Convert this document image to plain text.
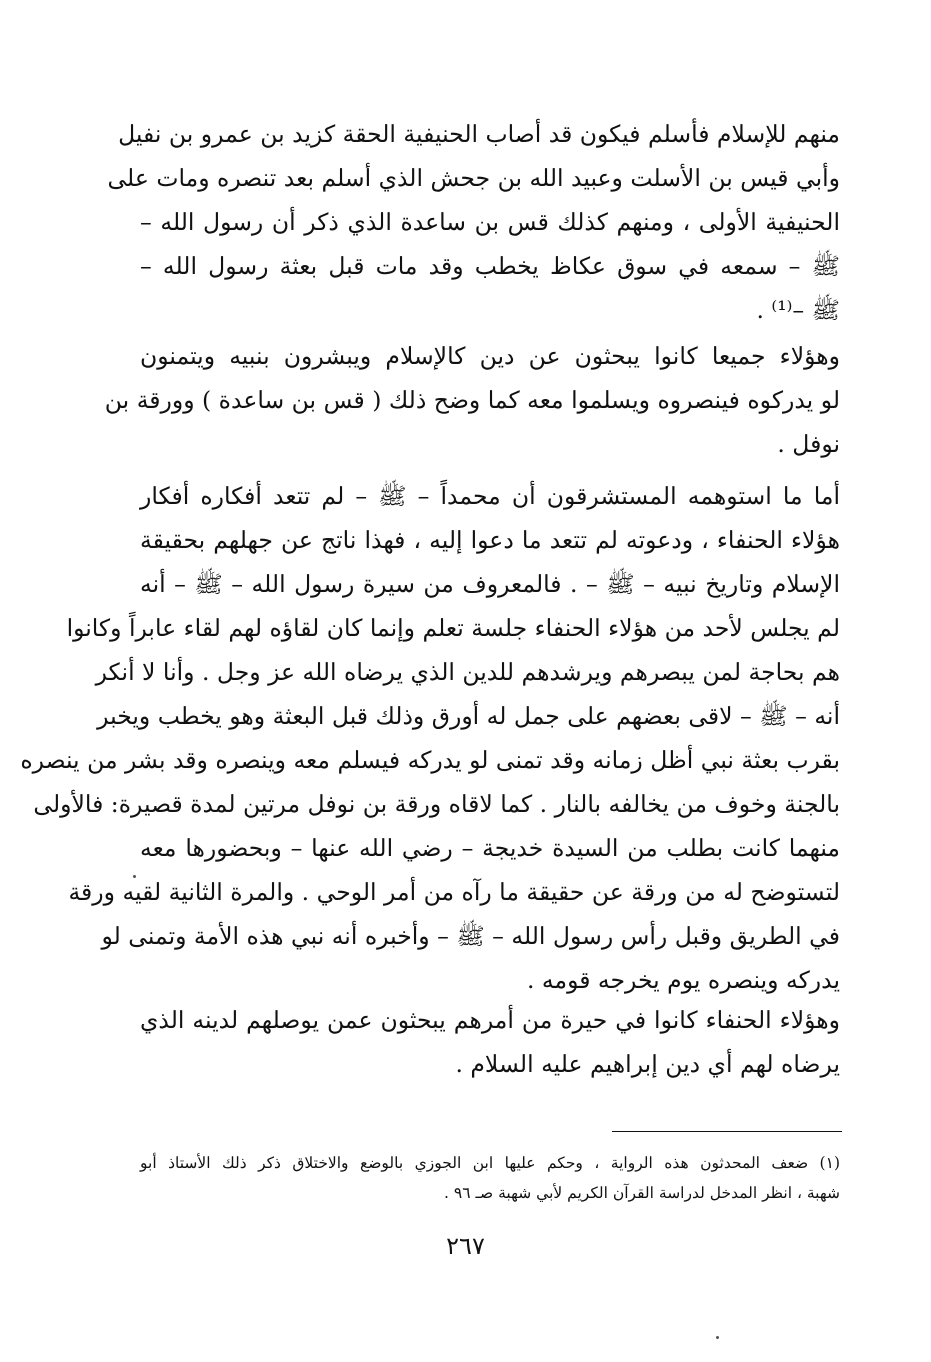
منهم للإسلام فأسلم فيكون قد أصاب الحنيفية الحقة كزيد بن عمرو بن نفيل
وأبي قيس بن الأسلت وعبيد الله بن جحش الذي أسلم بعد تنصره ومات على
الحنيفية الأولى ، ومنهم كذلك قس بن ساعدة الذي ذكر أن رسول الله –
ﷺ – سمعه في سوق عكاظ يخطب وقد مات قبل بعثة رسول الله –
ﷺ –⁽¹⁾ .
وهؤلاء جميعا كانوا يبحثون عن دين كالإسلام ويبشرون بنبيه ويتمنون
لو يدركوه فينصروه ويسلموا معه كما وضح ذلك ( قس بن ساعدة ) وورقة بن
نوفل .
أما ما استوهمه المستشرقون أن محمداً – ﷺ – لم تتعد أفكاره أفكار
هؤلاء الحنفاء ، ودعوته لم تتعد ما دعوا إليه ، فهذا ناتج عن جهلهم بحقيقة
الإسلام وتاريخ نبيه – ﷺ – . فالمعروف من سيرة رسول الله – ﷺ – أنه
لم يجلس لأحد من هؤلاء الحنفاء جلسة تعلم وإنما كان لقاؤه لهم لقاء عابراً وكانوا
هم بحاجة لمن يبصرهم ويرشدهم للدين الذي يرضاه الله عز وجل . وأنا لا أنكر
أنه – ﷺ – لاقى بعضهم على جمل له أورق وذلك قبل البعثة وهو يخطب ويخبر
بقرب بعثة نبي أظل زمانه وقد تمنى لو يدركه فيسلم معه وينصره وقد بشر من ينصره
بالجنة وخوف من يخالفه بالنار . كما لاقاه ورقة بن نوفل مرتين لمدة قصيرة: فالأولى
منهما كانت بطلب من السيدة خديجة – رضي الله عنها – وبحضورها معه
لتستوضح له من ورقة عن حقيقة ما رآه من أمر الوحي . والمرة الثانية لقيه ورقة
في الطريق وقبل رأس رسول الله – ﷺ – وأخبره أنه نبي هذه الأمة وتمنى لو
يدركه وينصره يوم يخرجه قومه .
وهؤلاء الحنفاء كانوا في حيرة من أمرهم يبحثون عمن يوصلهم لدينه الذي
يرضاه لهم أي دين إبراهيم عليه السلام .
(١) ضعف المحدثون هذه الرواية ، وحكم عليها ابن الجوزي بالوضع والاختلاق ذكر ذلك الأستاذ أبو
شهبة ، انظر المدخل لدراسة القرآن الكريم لأبي شهبة صـ ٩٦ .
٢٦٧
